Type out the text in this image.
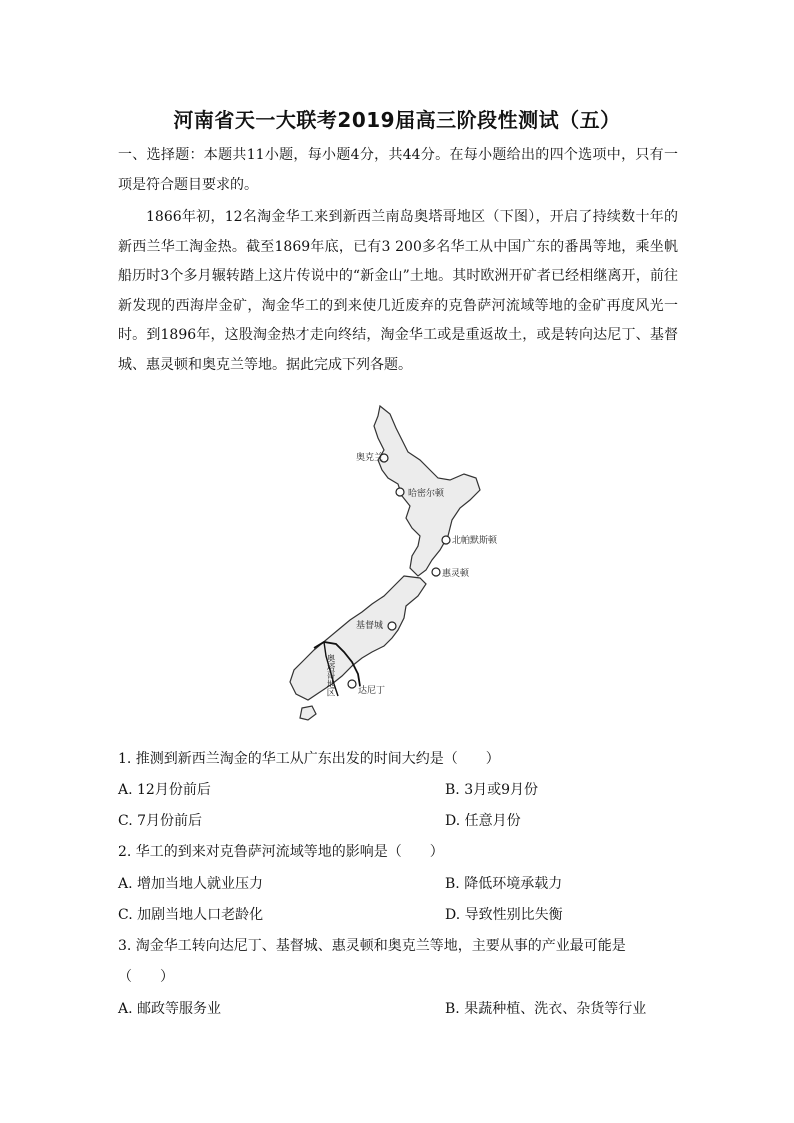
河南省天一大联考2019届高三阶段性测试（五）
一、选择题：本题共11小题，每小题4分，共44分。在每小题给出的四个选项中，只有一项是符合题目要求的。
1866年初，12名淘金华工来到新西兰南岛奥塔哥地区（下图），开启了持续数十年的新西兰华工淘金热。截至1869年底，已有3 200多名华工从中国广东的番禺等地，乘坐帆船历时3个多月辗转踏上这片传说中的“新金山”土地。其时欧洲开矿者已经相继离开，前往新发现的西海岸金矿，淘金华工的到来使几近废弃的克鲁萨河流域等地的金矿再度风光一时。到1896年，这股淘金热才走向终结，淘金华工或是重返故土，或是转向达尼丁、基督城、惠灵顿和奥克兰等地。据此完成下列各题。
奥克兰
哈密尔顿
北帕默斯顿
惠灵顿
基督城
奥塔哥地区	达尼丁
1. 推测到新西兰淘金的华工从广东出发的时间大约是（　　）
A. 12月份前后	B. 3月或9月份
C. 7月份前后	D. 任意月份
2. 华工的到来对克鲁萨河流域等地的影响是（　　）
A. 增加当地人就业压力	B. 降低环境承载力
C. 加剧当地人口老龄化	D. 导致性别比失衡
3. 淘金华工转向达尼丁、基督城、惠灵顿和奥克兰等地，主要从事的产业最可能是
（　　）
A. 邮政等服务业	B. 果蔬种植、洗衣、杂货等行业
